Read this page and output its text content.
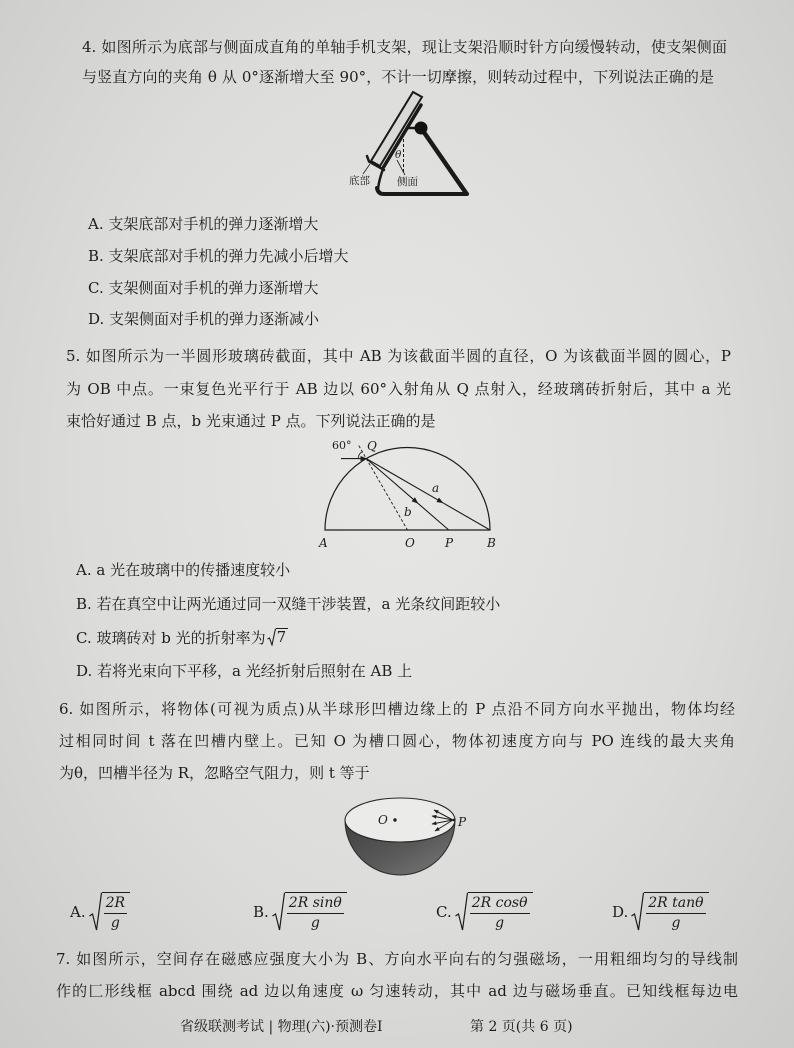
4. 如图所示为底部与侧面成直角的单轴手机支架，现让支架沿顺时针方向缓慢转动，使支架侧面
与竖直方向的夹角 θ 从 0°逐渐增大至 90°，不计一切摩擦，则转动过程中，下列说法正确的是
θ
底部	侧面
A. 支架底部对手机的弹力逐渐增大
B. 支架底部对手机的弹力先减小后增大
C. 支架侧面对手机的弹力逐渐增大
D. 支架侧面对手机的弹力逐渐减小
5. 如图所示为一半圆形玻璃砖截面，其中 AB 为该截面半圆的直径，O 为该截面半圆的圆心，P
为 OB 中点。一束复色光平行于 AB 边以 60°入射角从 Q 点射入，经玻璃砖折射后，其中 a 光
束恰好通过 B 点，b 光束通过 P 点。下列说法正确的是
60° Q
a
b
A	O	P	B
A. a 光在玻璃中的传播速度较小
B. 若在真空中让两光通过同一双缝干涉装置，a 光条纹间距较小
C. 玻璃砖对 b 光的折射率为 7
D. 若将光束向下平移，a 光经折射后照射在 AB 上
6. 如图所示，将物体(可视为质点)从半球形凹槽边缘上的 P 点沿不同方向水平抛出，物体均经
过相同时间 t 落在凹槽内壁上。已知 O 为槽口圆心，物体初速度方向与 PO 连线的最大夹角
为θ，凹槽半径为 R，忽略空气阻力，则 t 等于
O	P
A. $\frac{2R}{g}$	B. $\frac{\text{2R sinθ}}{g}$	C. $\frac{\text{2R cosθ}}{g}$	D. $\frac{\text{2R tanθ}}{g}$
7. 如图所示，空间存在磁感应强度大小为 B、方向水平向右的匀强磁场，一用粗细均匀的导线制
作的匚形线框 abcd 围绕 ad 边以角速度 ω 匀速转动，其中 ad 边与磁场垂直。已知线框每边电
省级联测考试 | 物理(六)·预测卷Ⅰ	第 2 页(共 6 页)
